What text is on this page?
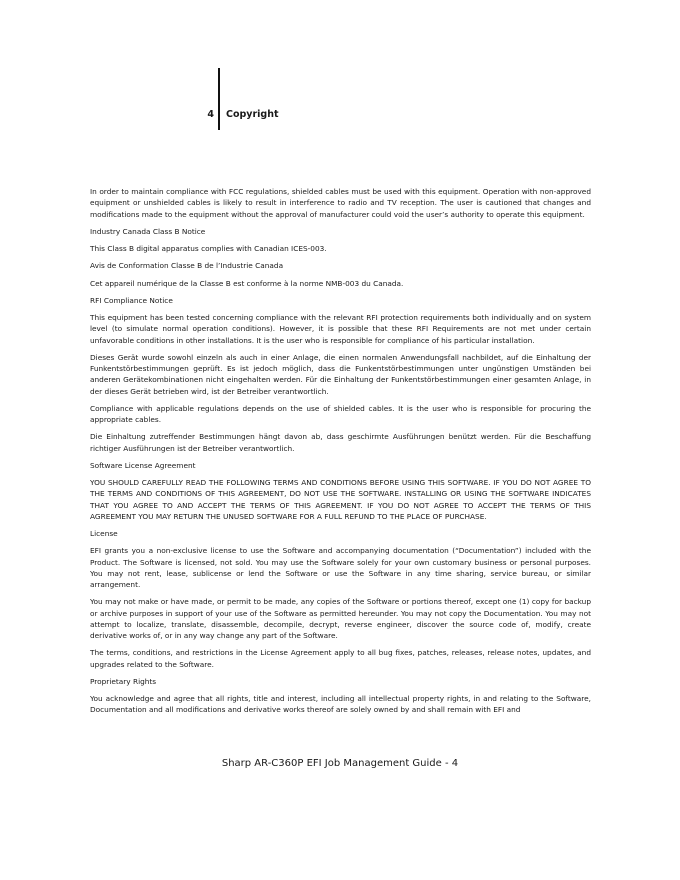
4 Copyright

In order to maintain compliance with FCC regulations, shielded cables must be used with this equipment. Operation with non-approved equipment or unshielded cables is likely to result in interference to radio and TV reception. The user is cautioned that changes and modifications made to the equipment without the approval of manufacturer could void the user’s authority to operate this equipment.

Industry Canada Class B Notice

This Class B digital apparatus complies with Canadian ICES-003.

Avis de Conformation Classe B de l’Industrie Canada

Cet appareil numérique de la Classe B est conforme à la norme NMB-003 du Canada.

RFI Compliance Notice

This equipment has been tested concerning compliance with the relevant RFI protection requirements both individually and on system level (to simulate normal operation conditions). However, it is possible that these RFI Requirements are not met under certain unfavorable conditions in other installations. It is the user who is responsible for compliance of his particular installation.

Dieses Gerät wurde sowohl einzeln als auch in einer Anlage, die einen normalen Anwendungsfall nachbildet, auf die Einhaltung der Funkentstörbestimmungen geprüft. Es ist jedoch möglich, dass die Funkentstörbestimmungen unter ungünstigen Umständen bei anderen Gerätekombinationen nicht eingehalten werden. Für die Einhaltung der Funkentstörbestimmungen einer gesamten Anlage, in der dieses Gerät betrieben wird, ist der Betreiber verantwortlich.

Compliance with applicable regulations depends on the use of shielded cables. It is the user who is responsible for procuring the appropriate cables.

Die Einhaltung zutreffender Bestimmungen hängt davon ab, dass geschirmte Ausführungen benützt werden. Für die Beschaffung richtiger Ausführungen ist der Betreiber verantwortlich.

Software License Agreement

YOU SHOULD CAREFULLY READ THE FOLLOWING TERMS AND CONDITIONS BEFORE USING THIS SOFTWARE. IF YOU DO NOT AGREE TO THE TERMS AND CONDITIONS OF THIS AGREEMENT, DO NOT USE THE SOFTWARE. INSTALLING OR USING THE SOFTWARE INDICATES THAT YOU AGREE TO AND ACCEPT THE TERMS OF THIS AGREEMENT. IF YOU DO NOT AGREE TO ACCEPT THE TERMS OF THIS AGREEMENT YOU MAY RETURN THE UNUSED SOFTWARE FOR A FULL REFUND TO THE PLACE OF PURCHASE.

License

EFI grants you a non-exclusive license to use the Software and accompanying documentation (“Documentation”) included with the Product. The Software is licensed, not sold. You may use the Software solely for your own customary business or personal purposes. You may not rent, lease, sublicense or lend the Software or use the Software in any time sharing, service bureau, or similar arrangement.

You may not make or have made, or permit to be made, any copies of the Software or portions thereof, except one (1) copy for backup or archive purposes in support of your use of the Software as permitted hereunder. You may not copy the Documentation. You may not attempt to localize, translate, disassemble, decompile, decrypt, reverse engineer, discover the source code of, modify, create derivative works of, or in any way change any part of the Software.

The terms, conditions, and restrictions in the License Agreement apply to all bug fixes, patches, releases, release notes, updates, and upgrades related to the Software.

Proprietary Rights

You acknowledge and agree that all rights, title and interest, including all intellectual property rights, in and relating to the Software, Documentation and all modifications and derivative works thereof are solely owned by and shall remain with EFI and

Sharp AR-C360P EFI Job Management Guide - 4
